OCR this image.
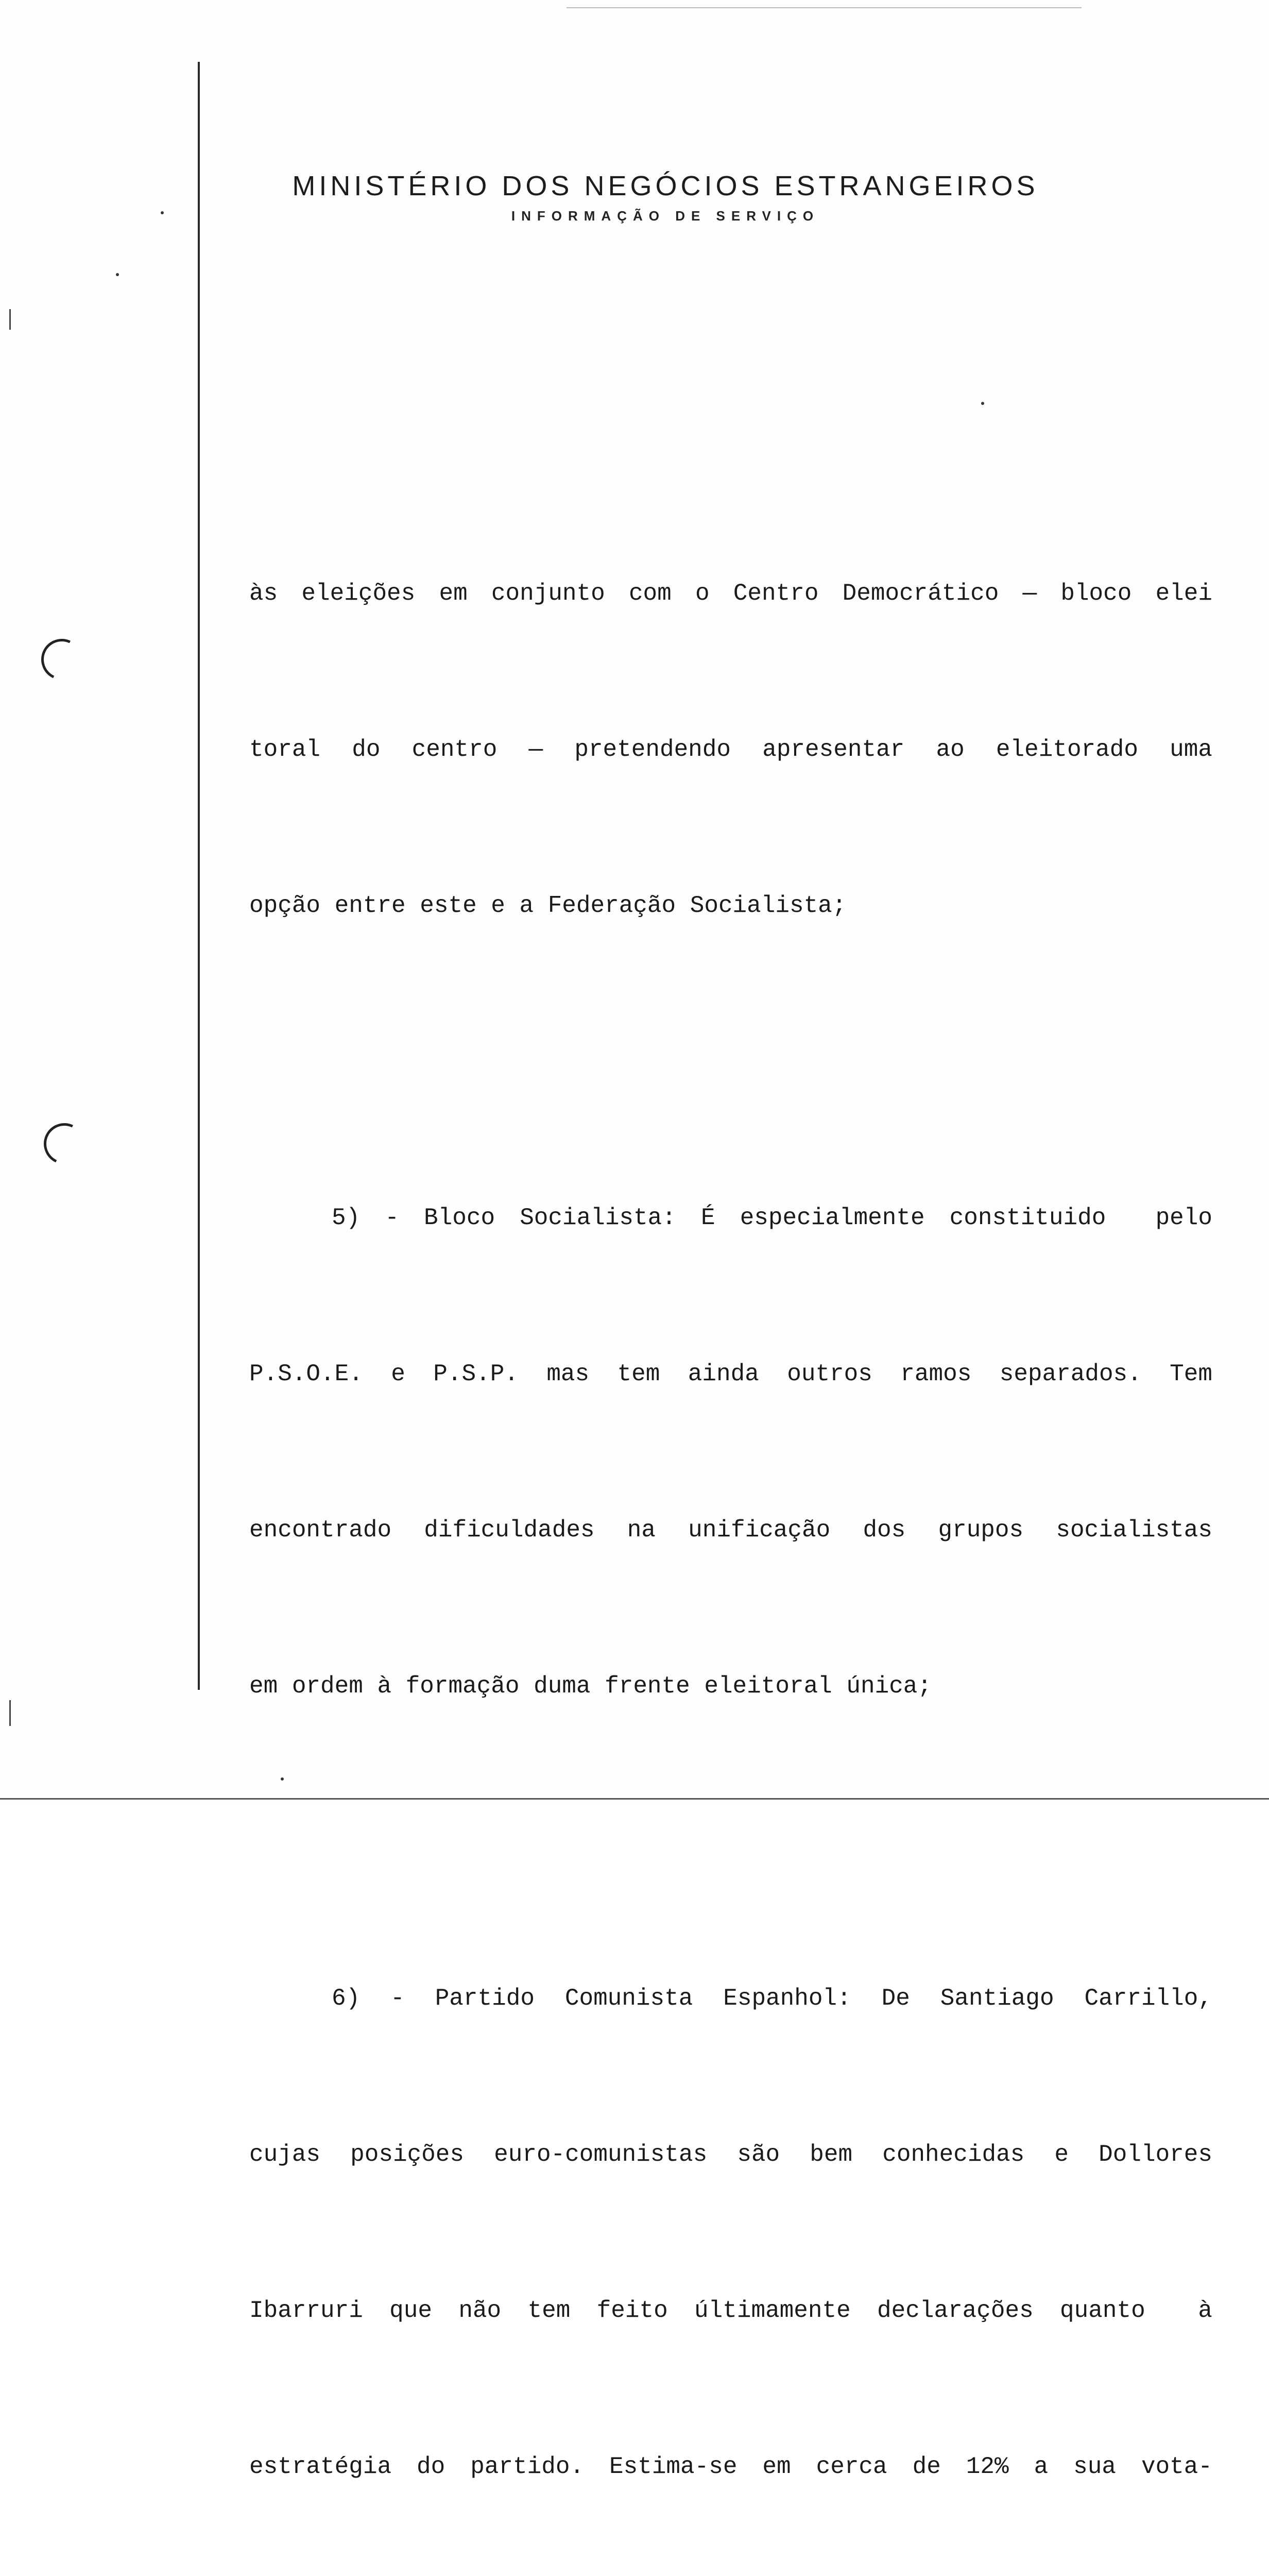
MINISTÉRIO DOS NEGÓCIOS ESTRANGEIROS
INFORMAÇÃO DE SERVIÇO

às eleições em conjunto com o Centro Democrático — bloco elei

toral do centro — pretendendo apresentar ao eleitorado uma

opção entre este e a Federação Socialista;

5) - Bloco Socialista: É especialmente constituido  pelo

P.S.O.E. e P.S.P. mas tem ainda outros ramos separados. Tem

encontrado dificuldades na unificação dos grupos socialistas

em ordem à formação duma frente eleitoral única;

6) - Partido Comunista Espanhol: De Santiago Carrillo,

cujas posições euro-comunistas são bem conhecidas e Dollores

Ibarruri que não tem feito últimamente declarações quanto  à

estratégia do partido. Estima-se em cerca de 12% a sua vota-
